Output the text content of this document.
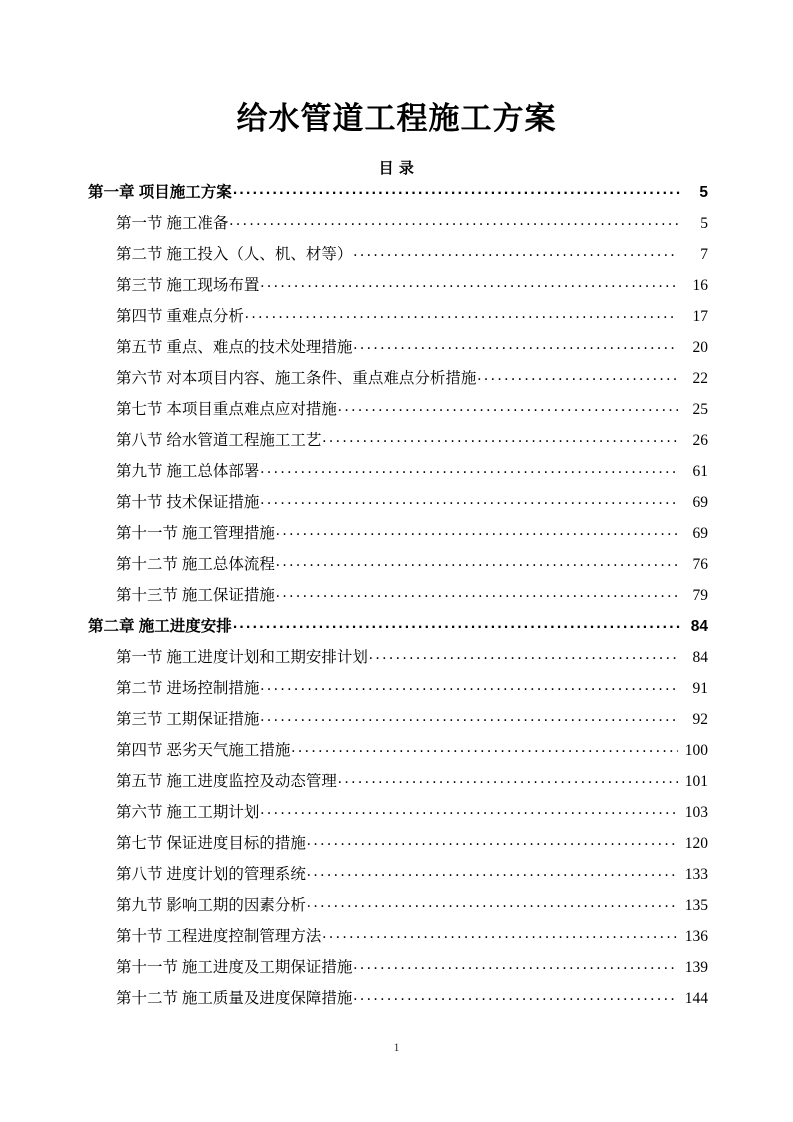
给水管道工程施工方案
目 录
第一章 项目施工方案 . . .	5
第一节 施工准备 . . .	5
第二节 施工投入（人、机、材等） . . .	7
第三节 施工现场布置 . . .	16
第四节 重难点分析 . . .	17
第五节 重点、难点的技术处理措施 . . .	20
第六节 对本项目内容、施工条件、重点难点分析措施 . . .	22
第七节 本项目重点难点应对措施 . . .	25
第八节 给水管道工程施工工艺 . . .	26
第九节 施工总体部署 . . .	61
第十节 技术保证措施 . . .	69
第十一节 施工管理措施 . . .	69
第十二节 施工总体流程 . . .	76
第十三节 施工保证措施 . . .	79
第二章 施工进度安排 . . .	84
第一节 施工进度计划和工期安排计划 . . .	84
第二节 进场控制措施 . . .	91
第三节 工期保证措施 . . .	92
第四节 恶劣天气施工措施 . . .	100
第五节 施工进度监控及动态管理 . . .	101
第六节 施工工期计划 . . .	103
第七节 保证进度目标的措施 . . .	120
第八节 进度计划的管理系统 . . .	133
第九节 影响工期的因素分析 . . .	135
第十节 工程进度控制管理方法 . . .	136
第十一节 施工进度及工期保证措施 . . .	139
第十二节 施工质量及进度保障措施 . . .	144
1
